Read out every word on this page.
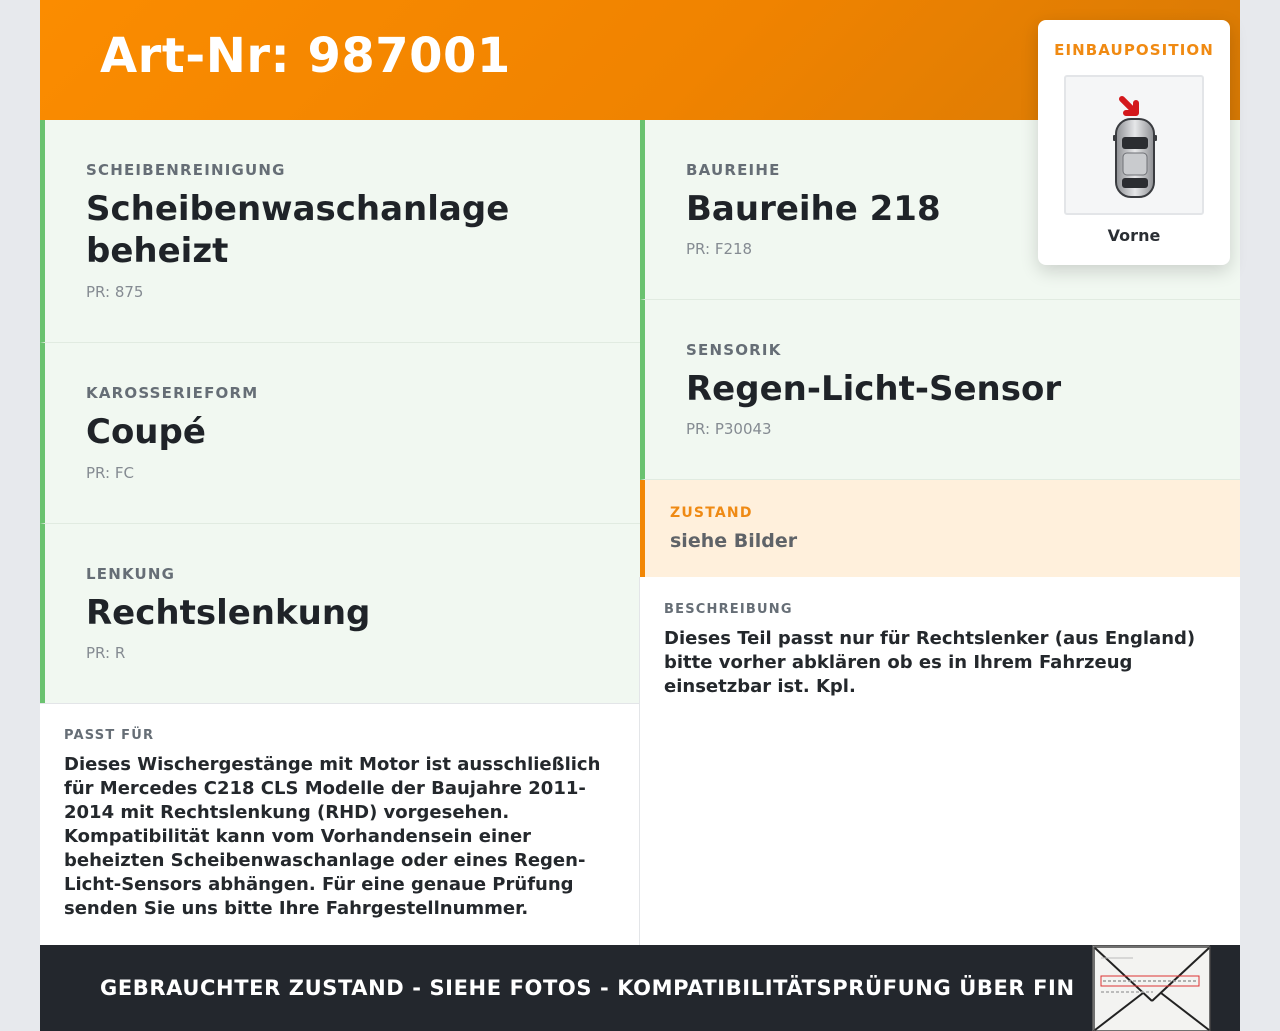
Art-Nr: 987001
SCHEIBENREINIGUNG
Scheibenwaschanlage beheizt
PR: 875
KAROSSERIEFORM
Coupé
PR: FC
LENKUNG
Rechtslenkung
PR: R
BAUREIHE
Baureihe 218
PR: F218
SENSORIK
Regen-Licht-Sensor
PR: P30043
ZUSTAND
siehe Bilder
PASST FÜR
Dieses Wischergestänge mit Motor ist ausschließlich für Mercedes C218 CLS Modelle der Baujahre 2011-2014 mit Rechtslenkung (RHD) vorgesehen. Kompatibilität kann vom Vorhandensein einer beheizten Scheibenwaschanlage oder eines Regen-Licht-Sensors abhängen. Für eine genaue Prüfung senden Sie uns bitte Ihre Fahrgestellnummer.
BESCHREIBUNG
Dieses Teil passt nur für Rechtslenker (aus England) bitte vorher abklären ob es in Ihrem Fahrzeug einsetzbar ist. Kpl.
GEBRAUCHTER ZUSTAND - SIEHE FOTOS - KOMPATIBILITÄTSPRÜFUNG ÜBER FIN
EINBAUPOSITION
Vorne
